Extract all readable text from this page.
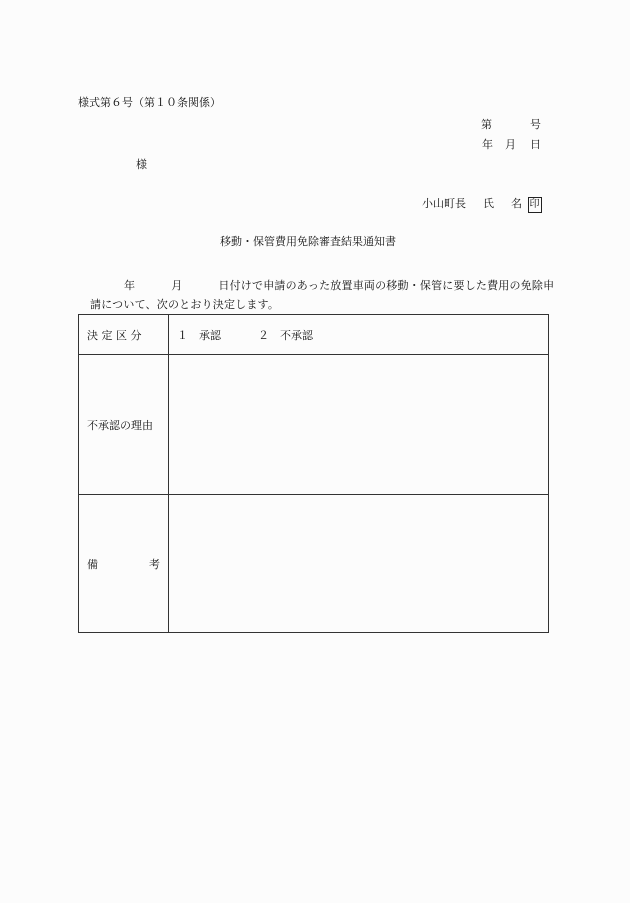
様式第６号（第１０条関係）
第	号
年 月 日
様
小山町長 氏 名 印
移動・保管費用免除審査結果通知書
年	月	日付けで申請のあった放置車両の移動・保管に要した費用の免除申
請について、次のとおり決定します。
決 定 区 分	１　承認 ２　不承認
不承認の理由	

備 考	
